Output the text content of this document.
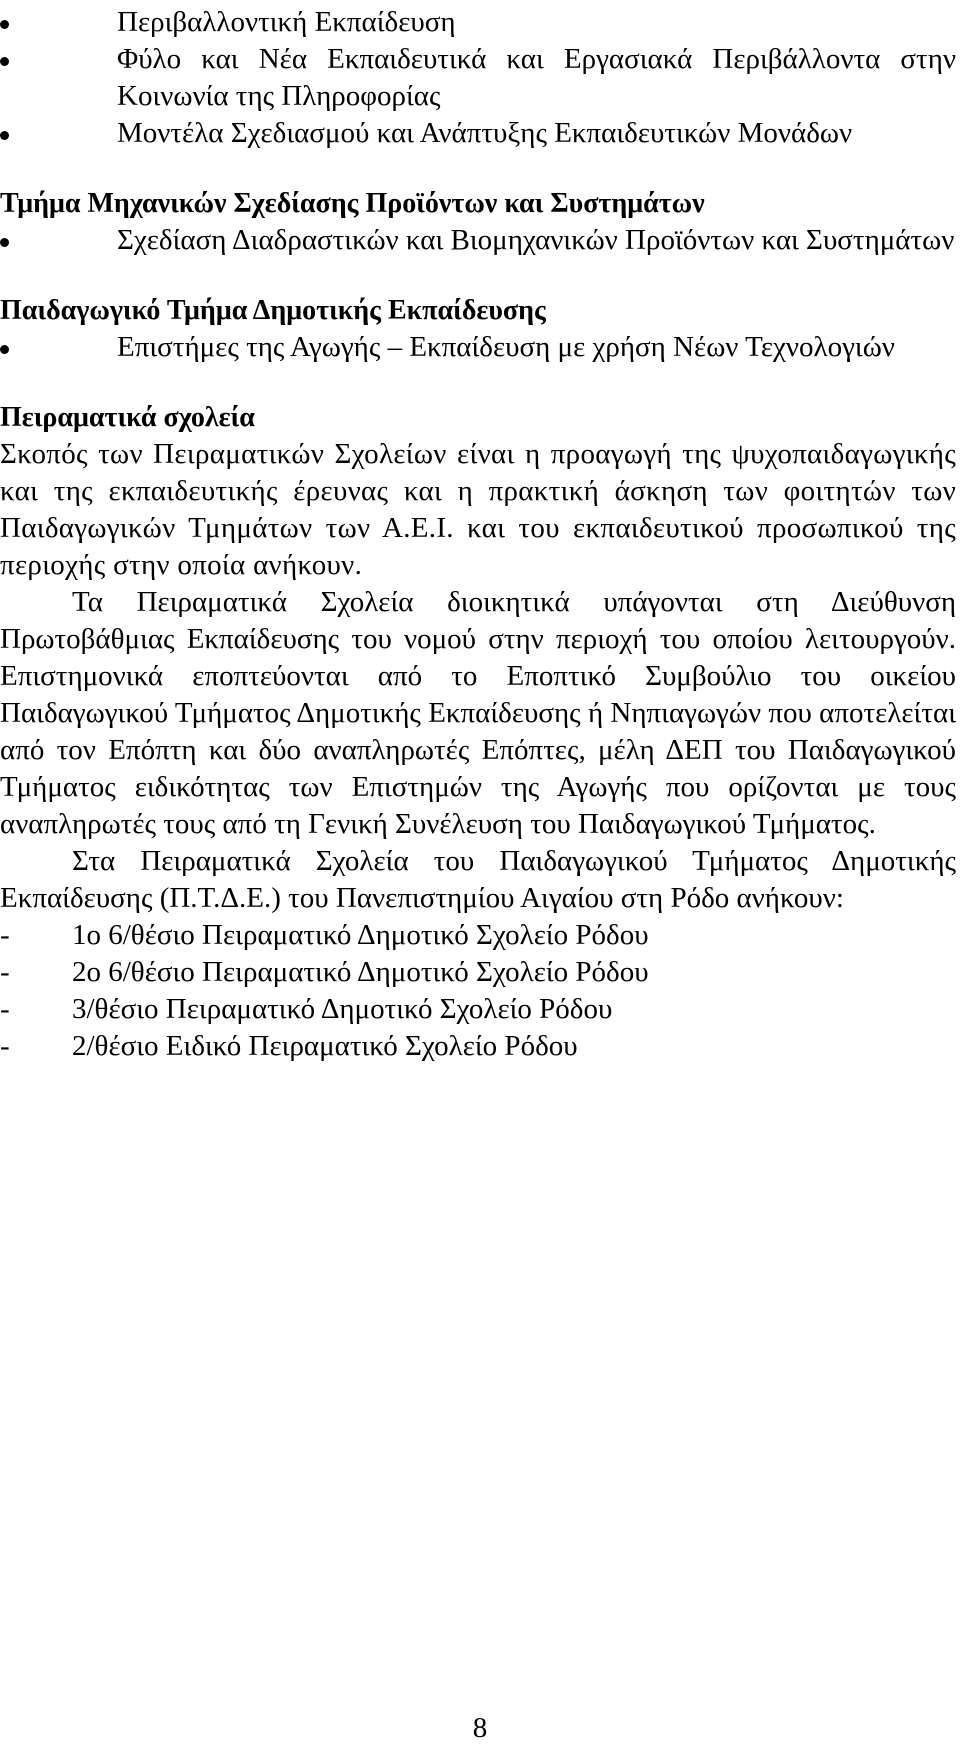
Περιβαλλοντική Εκπαίδευση
Φύλο και Νέα Εκπαιδευτικά και Εργασιακά Περιβάλλοντα στην Κοινωνία της Πληροφορίας
Μοντέλα Σχεδιασμού και Ανάπτυξης Εκπαιδευτικών Μονάδων
Τμήμα Μηχανικών Σχεδίασης Προϊόντων και Συστημάτων
Σχεδίαση Διαδραστικών και Βιομηχανικών Προϊόντων και Συστημάτων
Παιδαγωγικό Τμήμα Δημοτικής Εκπαίδευσης
Επιστήμες της Αγωγής – Εκπαίδευση με χρήση Νέων Τεχνολογιών
Πειραματικά σχολεία

Σκοπός των Πειραματικών Σχολείων είναι η προαγωγή της ψυχοπαιδαγωγικής και της εκπαιδευτικής έρευνας και η πρακτική άσκηση των φοιτητών των Παιδαγωγικών Τμημάτων των Α.Ε.Ι. και του εκπαιδευτικού προσωπικού της περιοχής στην οποία ανήκουν.

Τα Πειραματικά Σχολεία διοικητικά υπάγονται στη Διεύθυνση Πρωτοβάθμιας Εκπαίδευσης του νομού στην περιοχή του οποίου λειτουργούν. Επιστημονικά εποπτεύονται από το Εποπτικό Συμβούλιο του οικείου Παιδαγωγικού Τμήματος Δημοτικής Εκπαίδευσης ή Νηπιαγωγών που αποτελείται από τον Επόπτη και δύο αναπληρωτές Επόπτες, μέλη ΔΕΠ του Παιδαγωγικού Τμήματος ειδικότητας των Επιστημών της Αγωγής που ορίζονται με τους αναπληρωτές τους από τη Γενική Συνέλευση του Παιδαγωγικού Τμήματος.

Στα Πειραματικά Σχολεία του Παιδαγωγικού Τμήματος Δημοτικής Εκπαίδευσης (Π.Τ.Δ.Ε.) του Πανεπιστημίου Αιγαίου στη Ρόδο ανήκουν:

-	1ο 6/θέσιο Πειραματικό Δημοτικό Σχολείο Ρόδου
-	2ο 6/θέσιο Πειραματικό Δημοτικό Σχολείο Ρόδου
-	3/θέσιο Πειραματικό Δημοτικό Σχολείο Ρόδου
-	2/θέσιο Ειδικό Πειραματικό Σχολείο Ρόδου
8
